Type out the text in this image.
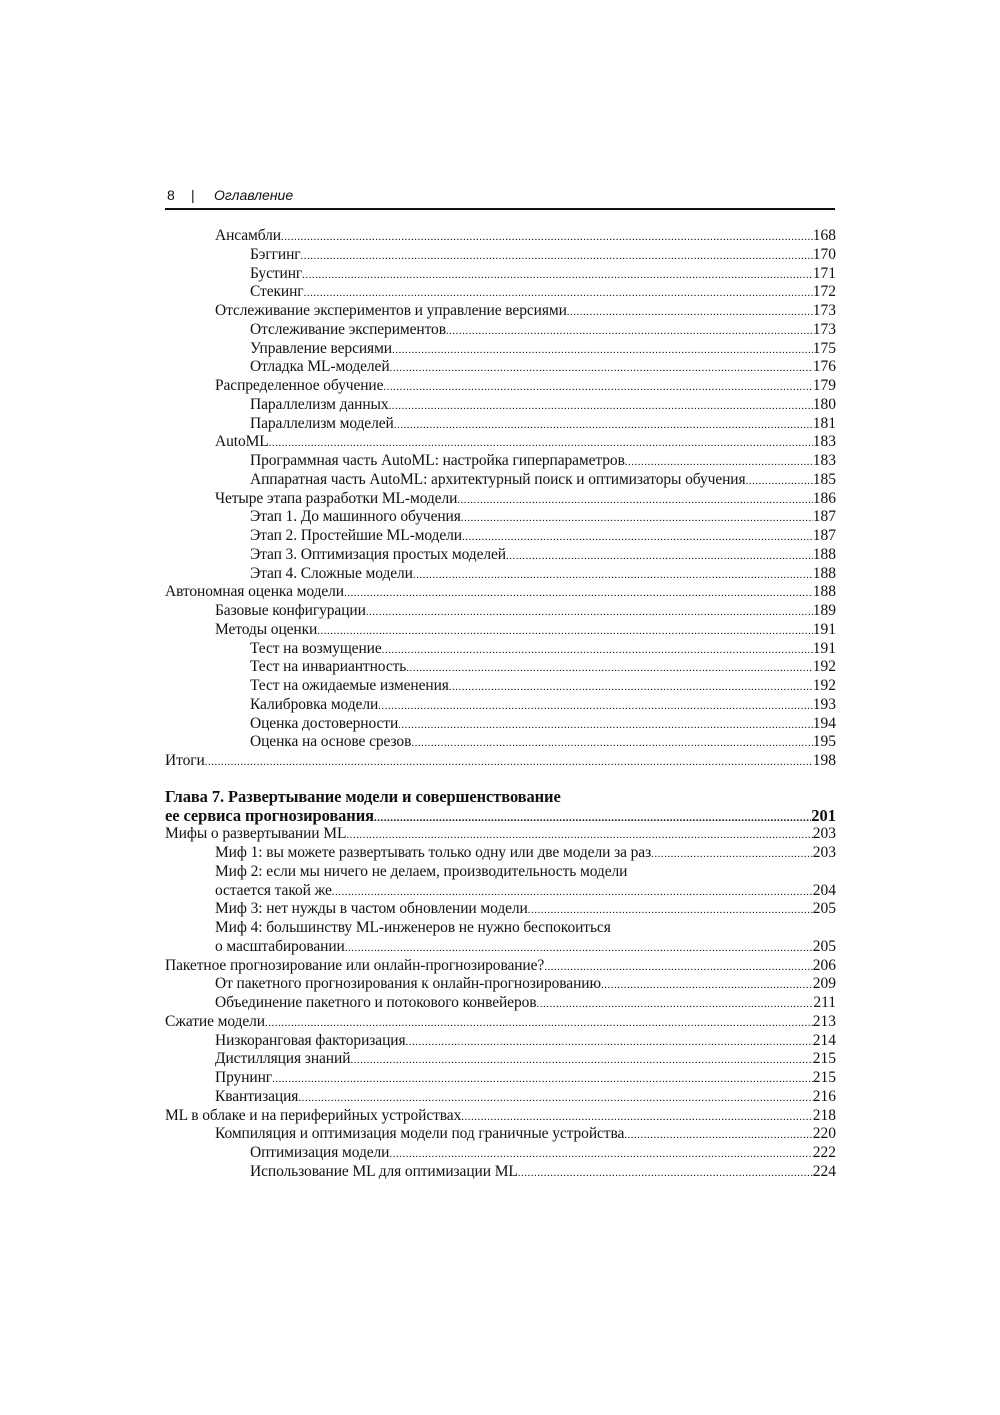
8 | Оглавление
Ансамбли .....	168
Бэггинг .....	170
Бустинг .....	171
Стекинг .....	172
Отслеживание экспериментов и управление версиями .....	173
Отслеживание экспериментов .....	173
Управление версиями .....	175
Отладка ML-моделей .....	176
Распределенное обучение .....	179
Параллелизм данных .....	180
Параллелизм моделей .....	181
AutoML .....	183
Программная часть AutoML: настройка гиперпараметров .....	183
Аппаратная часть AutoML: архитектурный поиск и оптимизаторы обучения .....	185
Четыре этапа разработки ML-модели .....	186
Этап 1. До машинного обучения .....	187
Этап 2. Простейшие ML-модели .....	187
Этап 3. Оптимизация простых моделей .....	188
Этап 4. Сложные модели .....	188
Автономная оценка модели .....	188
Базовые конфигурации .....	189
Методы оценки .....	191
Тест на возмущение .....	191
Тест на инвариантность .....	192
Тест на ожидаемые изменения .....	192
Калибровка модели .....	193
Оценка достоверности .....	194
Оценка на основе срезов .....	195
Итоги .....	198
Глава 7. Развертывание модели и совершенствование
ее сервиса прогнозирования .....	201
Мифы о развертывании ML .....	203
Миф 1: вы можете развертывать только одну или две модели за раз .....	203
Миф 2: если мы ничего не делаем, производительность модели
остается такой же .....	204
Миф 3: нет нужды в частом обновлении модели .....	205
Миф 4: большинству ML-инженеров не нужно беспокоиться
о масштабировании .....	205
Пакетное прогнозирование или онлайн-прогнозирование? .....	206
От пакетного прогнозирования к онлайн-прогнозированию .....	209
Объединение пакетного и потокового конвейеров .....	211
Сжатие модели .....	213
Низкоранговая факторизация .....	214
Дистилляция знаний .....	215
Прунинг .....	215
Квантизация .....	216
ML в облаке и на периферийных устройствах .....	218
Компиляция и оптимизация модели под граничные устройства .....	220
Оптимизация модели .....	222
Использование ML для оптимизации ML .....	224
